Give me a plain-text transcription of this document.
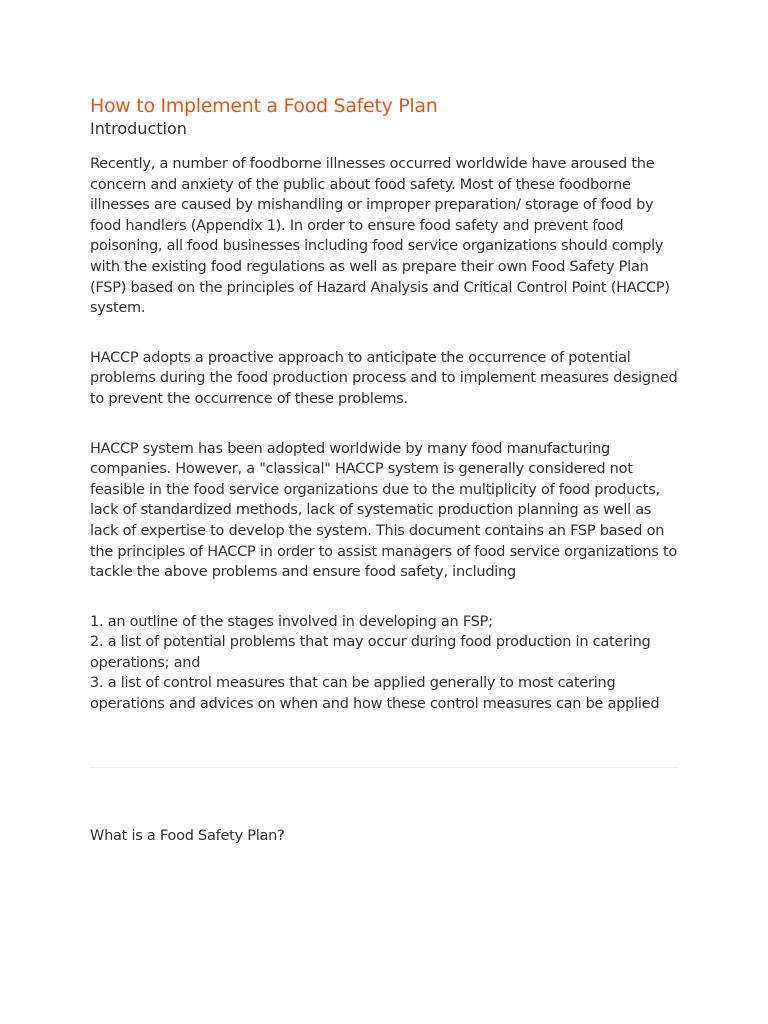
How to Implement a Food Safety Plan
Introduction

Recently, a number of foodborne illnesses occurred worldwide have aroused the concern and anxiety of the public about food safety. Most of these foodborne illnesses are caused by mishandling or improper preparation/ storage of food by food handlers (Appendix 1). In order to ensure food safety and prevent food poisoning, all food businesses including food service organizations should comply with the existing food regulations as well as prepare their own Food Safety Plan (FSP) based on the principles of Hazard Analysis and Critical Control Point (HACCP) system.

HACCP adopts a proactive approach to anticipate the occurrence of potential problems during the food production process and to implement measures designed to prevent the occurrence of these problems.

HACCP system has been adopted worldwide by many food manufacturing companies. However, a "classical" HACCP system is generally considered not feasible in the food service organizations due to the multiplicity of food products, lack of standardized methods, lack of systematic production planning as well as lack of expertise to develop the system. This document contains an FSP based on the principles of HACCP in order to assist managers of food service organizations to tackle the above problems and ensure food safety, including

1. an outline of the stages involved in developing an FSP;
2. a list of potential problems that may occur during food production in catering operations; and
3. a list of control measures that can be applied generally to most catering operations and advices on when and how these control measures can be applied
What is a Food Safety Plan?
